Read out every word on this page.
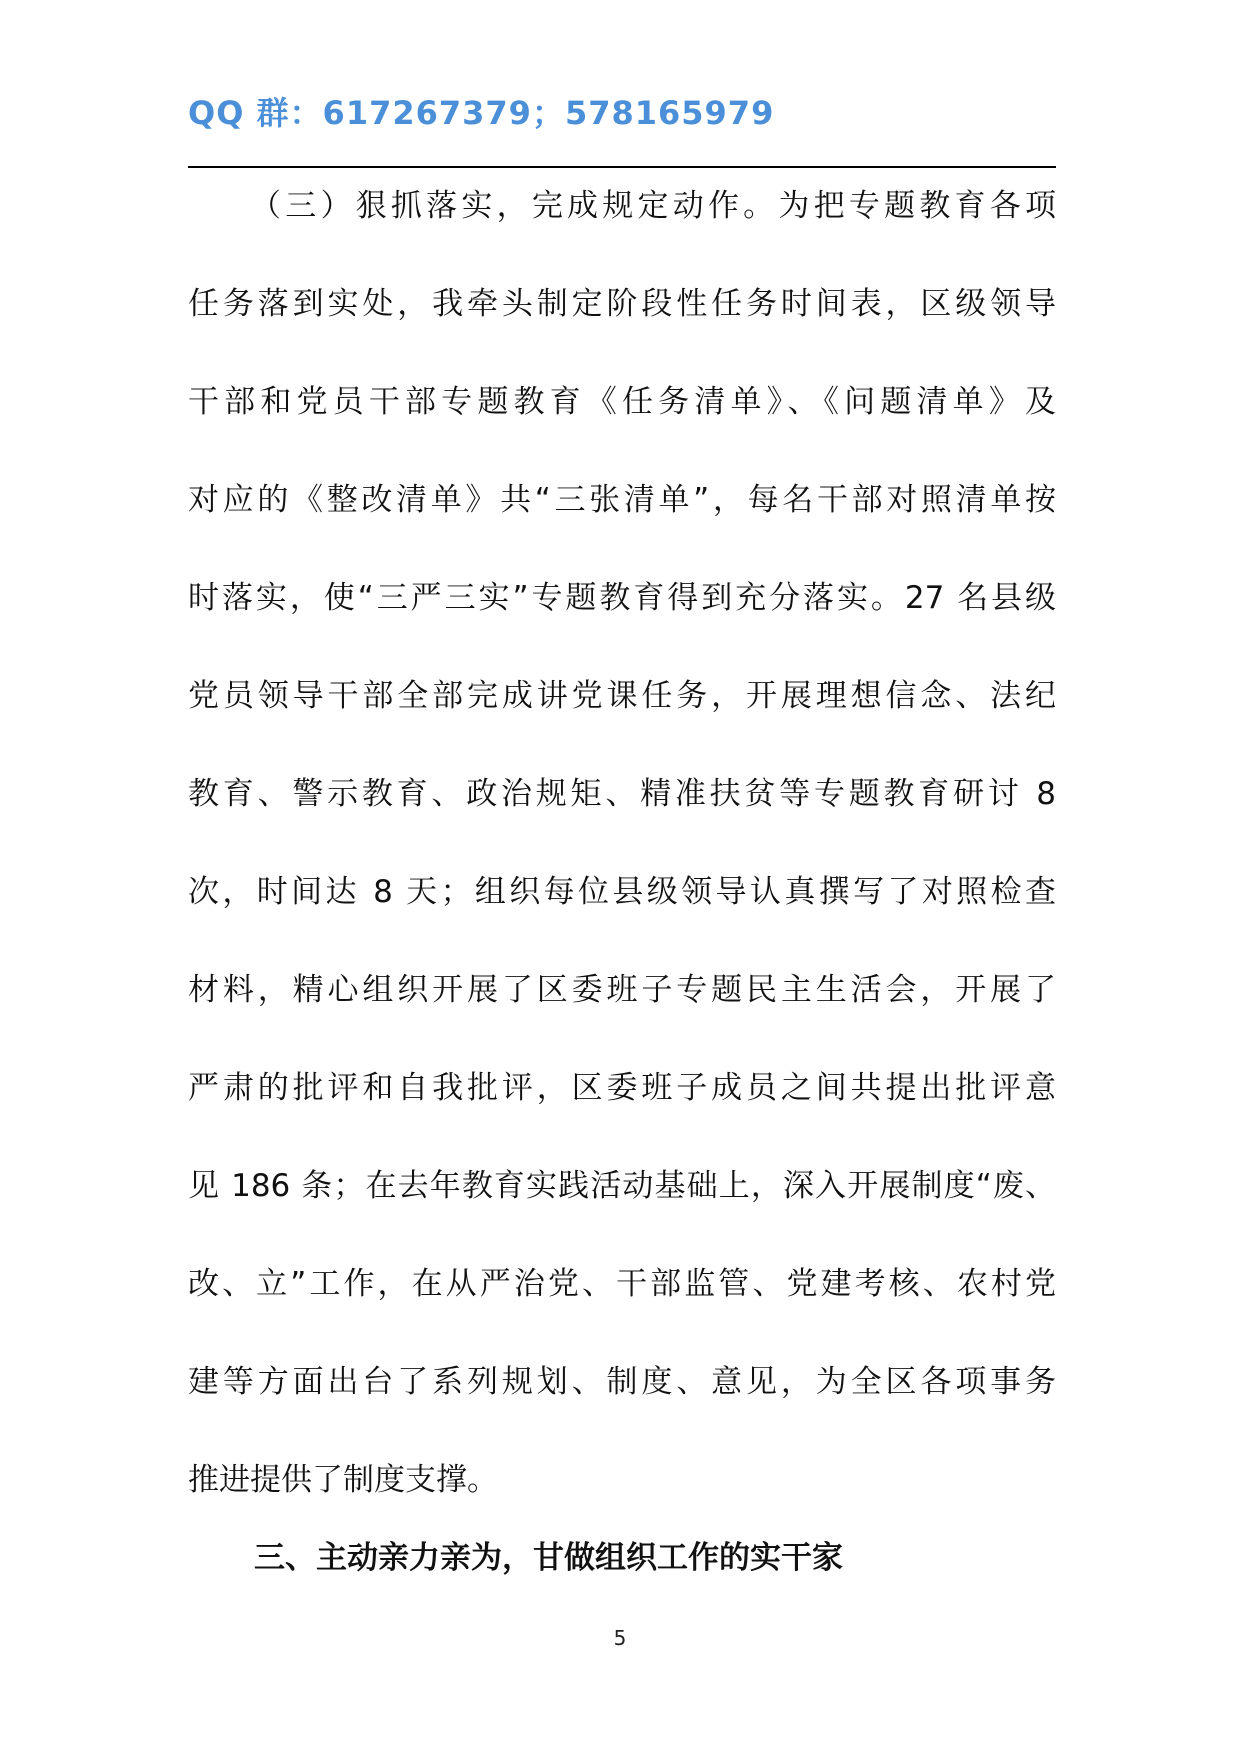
QQ 群：617267379；578165979
（三）狠抓落实，完成规定动作。为把专题教育各项
任务落到实处，我牵头制定阶段性任务时间表，区级领导
干部和党员干部专题教育《任务清单》、《问题清单》及
对应的《整改清单》共“三张清单”，每名干部对照清单按
时落实，使“三严三实”专题教育得到充分落实。27 名县级
党员领导干部全部完成讲党课任务，开展理想信念、法纪
教育、警示教育、政治规矩、精准扶贫等专题教育研讨 8
次，时间达 8 天；组织每位县级领导认真撰写了对照检查
材料，精心组织开展了区委班子专题民主生活会，开展了
严肃的批评和自我批评，区委班子成员之间共提出批评意
见 186 条；在去年教育实践活动基础上，深入开展制度“废、
改、立”工作，在从严治党、干部监管、党建考核、农村党
建等方面出台了系列规划、制度、意见，为全区各项事务
推进提供了制度支撑。
三、主动亲力亲为，甘做组织工作的实干家
5
